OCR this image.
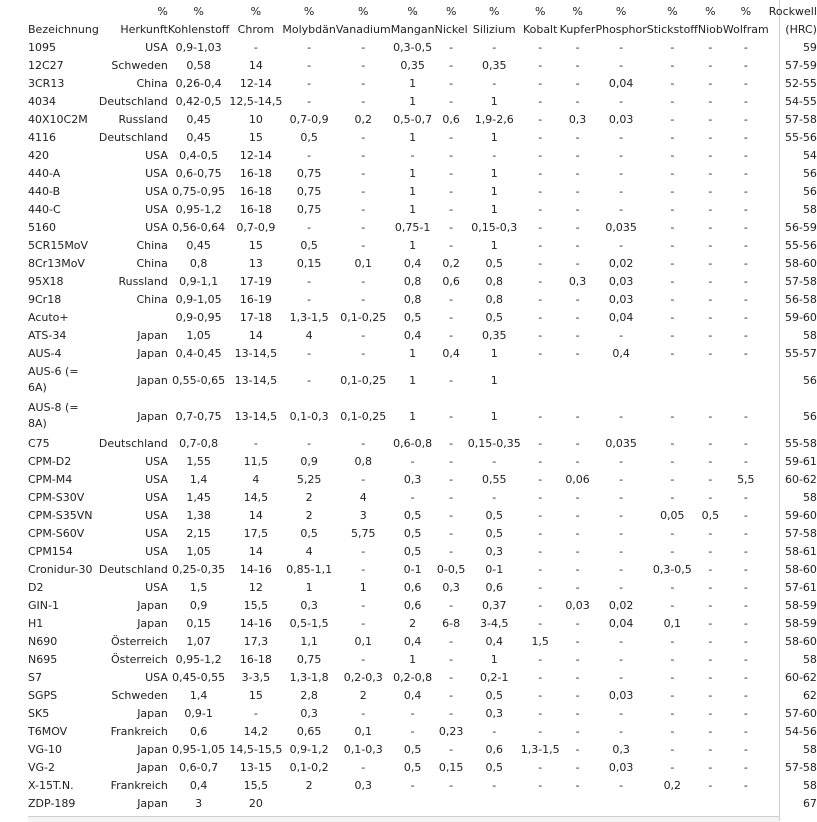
	%	%	%	%	%	%	%	%	%	%	%	%	%	%	Rockwell
Bezeichnung	Herkunft	Kohlenstoff	Chrom	Molybdän	Vanadium	Mangan	Nickel	Silizium	Kobalt	Kupfer	Phosphor	Stickstoff	Niob	Wolfram	(HRC)
1095	USA	0,9-1,03	-	-	-	0,3-0,5	-	-	-	-	-	-	-	-	59
12C27	Schweden	0,58	14	-	-	0,35	-	0,35	-	-	-	-	-	-	57-59
3CR13	China	0,26-0,4	12-14	-	-	1	-	-	-	-	0,04	-	-	-	52-55
4034	Deutschland	0,42-0,5	12,5-14,5	-	-	1	-	1	-	-	-	-	-	-	54-55
40X10C2M	Russland	0,45	10	0,7-0,9	0,2	0,5-0,7	0,6	1,9-2,6	-	0,3	0,03	-	-	-	57-58
4116	Deutschland	0,45	15	0,5	-	1	-	1	-	-	-	-	-	-	55-56
420	USA	0,4-0,5	12-14	-	-	-	-	-	-	-	-	-	-	-	54
440-A	USA	0,6-0,75	16-18	0,75	-	1	-	1	-	-	-	-	-	-	56
440-B	USA	0,75-0,95	16-18	0,75	-	1	-	1	-	-	-	-	-	-	56
440-C	USA	0,95-1,2	16-18	0,75	-	1	-	1	-	-	-	-	-	-	58
5160	USA	0,56-0,64	0,7-0,9	-	-	0,75-1	-	0,15-0,3	-	-	0,035	-	-	-	56-59
5CR15MoV	China	0,45	15	0,5	-	1	-	1	-	-	-	-	-	-	55-56
8Cr13MoV	China	0,8	13	0,15	0,1	0,4	0,2	0,5	-	-	0,02	-	-	-	58-60
95X18	Russland	0,9-1,1	17-19	-	-	0,8	0,6	0,8	-	0,3	0,03	-	-	-	57-58
9Cr18	China	0,9-1,05	16-19	-	-	0,8	-	0,8	-	-	0,03	-	-	-	56-58
Acuto+		0,9-0,95	17-18	1,3-1,5	0,1-0,25	0,5	-	0,5	-	-	0,04	-	-	-	59-60
ATS-34	Japan	1,05	14	4	-	0,4	-	0,35	-	-	-	-	-	-	58
AUS-4	Japan	0,4-0,45	13-14,5	-	-	1	0,4	1	-	-	0,4	-	-	-	55-57
AUS-6 (= 6A)	Japan	0,55-0,65	13-14,5	-	0,1-0,25	1	-	1							56
AUS-8 (= 8A)	Japan	0,7-0,75	13-14,5	0,1-0,3	0,1-0,25	1	-	1	-	-	-	-	-	-	56
C75	Deutschland	0,7-0,8	-	-	-	0,6-0,8	-	0,15-0,35	-	-	0,035	-	-	-	55-58
CPM-D2	USA	1,55	11,5	0,9	0,8	-	-	-	-	-	-	-	-	-	59-61
CPM-M4	USA	1,4	4	5,25	-	0,3	-	0,55	-	0,06	-	-	-	5,5	60-62
CPM-S30V	USA	1,45	14,5	2	4	-	-	-	-	-	-	-	-	-	58
CPM-S35VN	USA	1,38	14	2	3	0,5	-	0,5	-	-	-	0,05	0,5	-	59-60
CPM-S60V	USA	2,15	17,5	0,5	5,75	0,5	-	0,5	-	-	-	-	-	-	57-58
CPM154	USA	1,05	14	4	-	0,5	-	0,3	-	-	-	-	-	-	58-61
Cronidur-30	Deutschland	0,25-0,35	14-16	0,85-1,1	-	0-1	0-0,5	0-1	-	-	-	0,3-0,5	-	-	58-60
D2	USA	1,5	12	1	1	0,6	0,3	0,6	-	-	-	-	-	-	57-61
GIN-1	Japan	0,9	15,5	0,3	-	0,6	-	0,37	-	0,03	0,02	-	-	-	58-59
H1	Japan	0,15	14-16	0,5-1,5	-	2	6-8	3-4,5	-	-	0,04	0,1	-	-	58-59
N690	Österreich	1,07	17,3	1,1	0,1	0,4	-	0,4	1,5	-	-	-	-	-	58-60
N695	Österreich	0,95-1,2	16-18	0,75	-	1	-	1	-	-	-	-	-	-	58
S7	USA	0,45-0,55	3-3,5	1,3-1,8	0,2-0,3	0,2-0,8	-	0,2-1	-	-	-	-	-	-	60-62
SGPS	Schweden	1,4	15	2,8	2	0,4	-	0,5	-	-	0,03	-	-	-	62
SK5	Japan	0,9-1	-	0,3	-	-	-	0,3	-	-	-	-	-	-	57-60
T6MOV	Frankreich	0,6	14,2	0,65	0,1	-	0,23	-	-	-	-	-	-	-	54-56
VG-10	Japan	0,95-1,05	14,5-15,5	0,9-1,2	0,1-0,3	0,5	-	0,6	1,3-1,5	-	0,3	-	-	-	58
VG-2	Japan	0,6-0,7	13-15	0,1-0,2	-	0,5	0,15	0,5	-	-	0,03	-	-	-	57-58
X-15T.N.	Frankreich	0,4	15,5	2	0,3	-	-	-	-	-	-	0,2	-	-	58
ZDP-189	Japan	3	20												67
